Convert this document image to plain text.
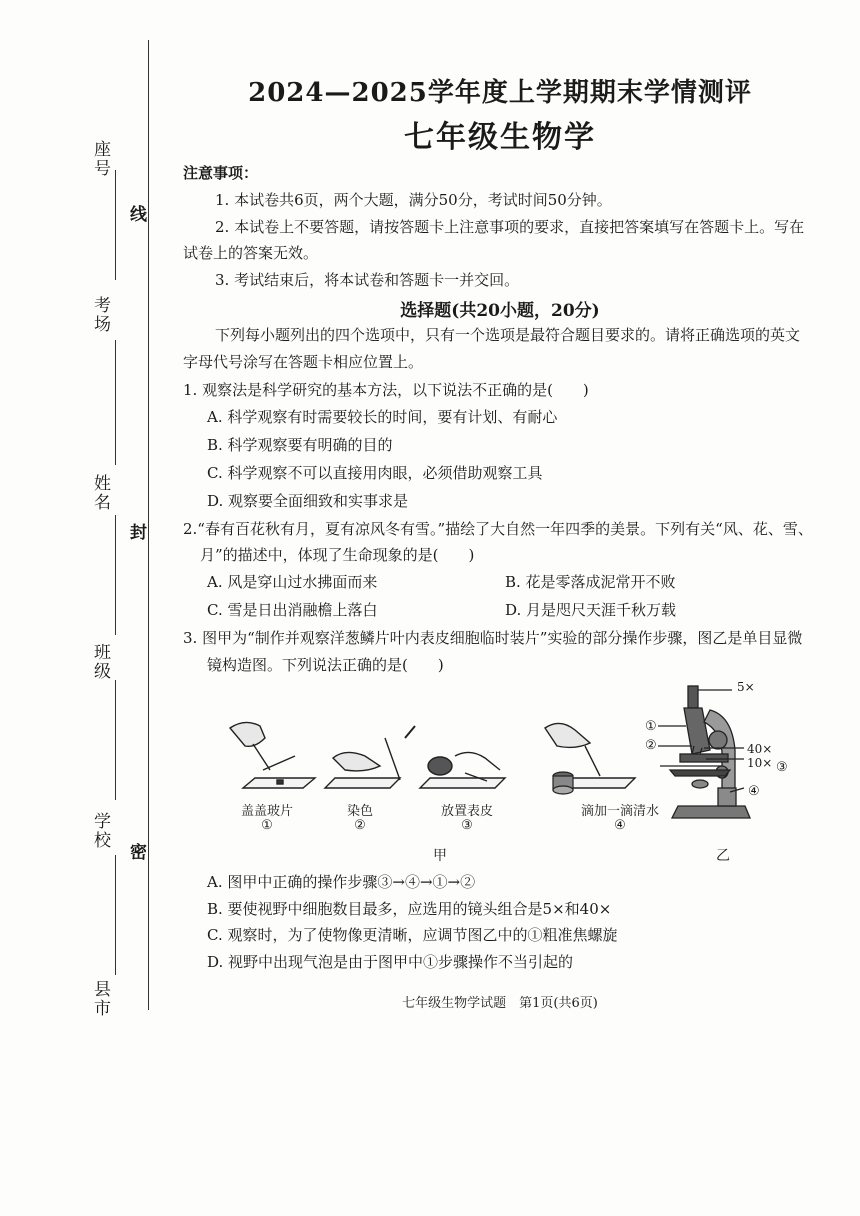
座号
考场
姓名
班级
学校
县市
线
封
密
2024—2025学年度上学期期末学情测评
七年级生物学
注意事项：
1. 本试卷共6页，两个大题，满分50分，考试时间50分钟。
2. 本试卷上不要答题，请按答题卡上注意事项的要求，直接把答案填写在答题卡上。写在
试卷上的答案无效。
3. 考试结束后，将本试卷和答题卡一并交回。
选择题(共20小题，20分)
下列每小题列出的四个选项中，只有一个选项是最符合题目要求的。请将正确选项的英文
字母代号涂写在答题卡相应位置上。
1. 观察法是科学研究的基本方法，以下说法不正确的是(　　)
A. 科学观察有时需要较长的时间，要有计划、有耐心
B. 科学观察要有明确的目的
C. 科学观察不可以直接用肉眼，必须借助观察工具
D. 观察要全面细致和实事求是
2.“春有百花秋有月，夏有凉风冬有雪。”描绘了大自然一年四季的美景。下列有关“风、花、雪、
月”的描述中，体现了生命现象的是(　　)
A. 风是穿山过水拂面而来	B. 花是零落成泥常开不败
C. 雪是日出消融檐上落白	D. 月是咫尺天涯千秋万载
3. 图甲为“制作并观察洋葱鳞片叶内表皮细胞临时装片”实验的部分操作步骤，图乙是单目显微
镜构造图。下列说法正确的是(　　)
盖盖玻片
①
染色
②
放置表皮
③
滴加一滴清水
④
甲
5×
①
②	40×
10× ③
④
乙
A. 图甲中正确的操作步骤③→④→①→②
B. 要使视野中细胞数目最多，应选用的镜头组合是5×和40×
C. 观察时，为了使物像更清晰，应调节图乙中的①粗准焦螺旋
D. 视野中出现气泡是由于图甲中①步骤操作不当引起的
七年级生物学试题　第1页(共6页)
